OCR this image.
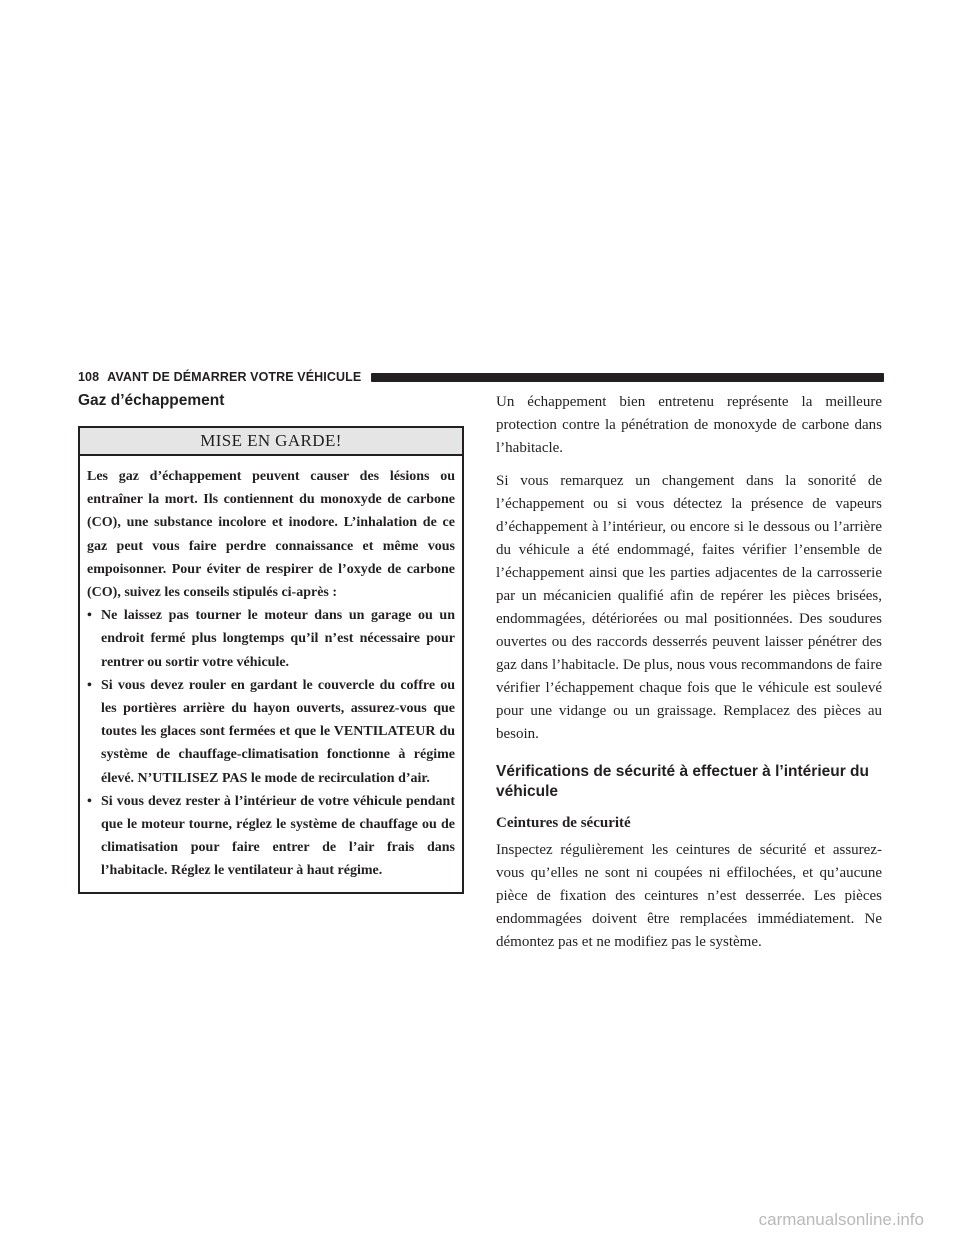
108 AVANT DE DÉMARRER VOTRE VÉHICULE
Gaz d’échappement
MISE EN GARDE!

Les gaz d’échappement peuvent causer des lésions ou entraîner la mort. Ils contiennent du monoxyde de carbone (CO), une substance incolore et inodore. L’inhalation de ce gaz peut vous faire perdre connaissance et même vous empoisonner. Pour éviter de respirer de l’oxyde de carbone (CO), suivez les conseils stipulés ci-après :

• Ne laissez pas tourner le moteur dans un garage ou un endroit fermé plus longtemps qu’il n’est nécessaire pour rentrer ou sortir votre véhicule.
• Si vous devez rouler en gardant le couvercle du coffre ou les portières arrière du hayon ouverts, assurez-vous que toutes les glaces sont fermées et que le VENTILATEUR du système de chauffage-climatisation fonctionne à régime élevé. N’UTILISEZ PAS le mode de recirculation d’air.
• Si vous devez rester à l’intérieur de votre véhicule pendant que le moteur tourne, réglez le système de chauffage ou de climatisation pour faire entrer de l’air frais dans l’habitacle. Réglez le ventilateur à haut régime.

Un échappement bien entretenu représente la meilleure protection contre la pénétration de monoxyde de carbone dans l’habitacle.

Si vous remarquez un changement dans la sonorité de l’échappement ou si vous détectez la présence de vapeurs d’échappement à l’intérieur, ou encore si le dessous ou l’arrière du véhicule a été endommagé, faites vérifier l’ensemble de l’échappement ainsi que les parties adjacentes de la carrosserie par un mécanicien qualifié afin de repérer les pièces brisées, endommagées, détériorées ou mal positionnées. Des soudures ouvertes ou des raccords desserrés peuvent laisser pénétrer des gaz dans l’habitacle. De plus, nous vous recommandons de faire vérifier l’échappement chaque fois que le véhicule est soulevé pour une vidange ou un graissage. Remplacez des pièces au besoin.

Vérifications de sécurité à effectuer à l’intérieur du véhicule
Ceintures de sécurité

Inspectez régulièrement les ceintures de sécurité et assurez-vous qu’elles ne sont ni coupées ni effilochées, et qu’aucune pièce de fixation des ceintures n’est desserrée. Les pièces endommagées doivent être remplacées immédiatement. Ne démontez pas et ne modifiez pas le système.

carmanualsonline.info
